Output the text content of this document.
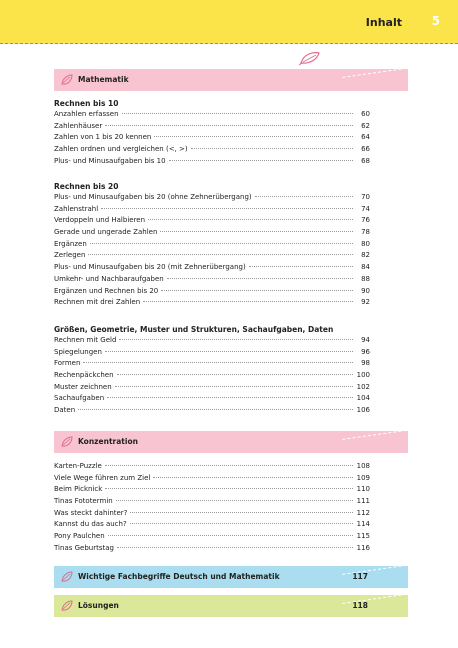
Inhalt 5
Mathematik
Rechnen bis 10
Anzahlen erfassen	60
Zahlenhäuser	62
Zahlen von 1 bis 20 kennen	64
Zahlen ordnen und vergleichen (<, >)	66
Plus- und Minusaufgaben bis 10	68
Rechnen bis 20
Plus- und Minusaufgaben bis 20 (ohne Zehnerübergang)	70
Zahlenstrahl	74
Verdoppeln und Halbieren	76
Gerade und ungerade Zahlen	78
Ergänzen	80
Zerlegen	82
Plus- und Minusaufgaben bis 20 (mit Zehnerübergang)	84
Umkehr- und Nachbaraufgaben	88
Ergänzen und Rechnen bis 20	90
Rechnen mit drei Zahlen	92
Größen, Geometrie, Muster und Strukturen, Sachaufgaben, Daten
Rechnen mit Geld	94
Spiegelungen	96
Formen	98
Rechenpäckchen	100
Muster zeichnen	102
Sachaufgaben	104
Daten	106
Konzentration
Karten-Puzzle	108
Viele Wege führen zum Ziel	109
Beim Picknick	110
Tinas Fototermin	111
Was steckt dahinter?	112
Kannst du das auch?	114
Pony Paulchen	115
Tinas Geburtstag	116
Wichtige Fachbegriffe Deutsch und Mathematik	117
Lösungen	118
